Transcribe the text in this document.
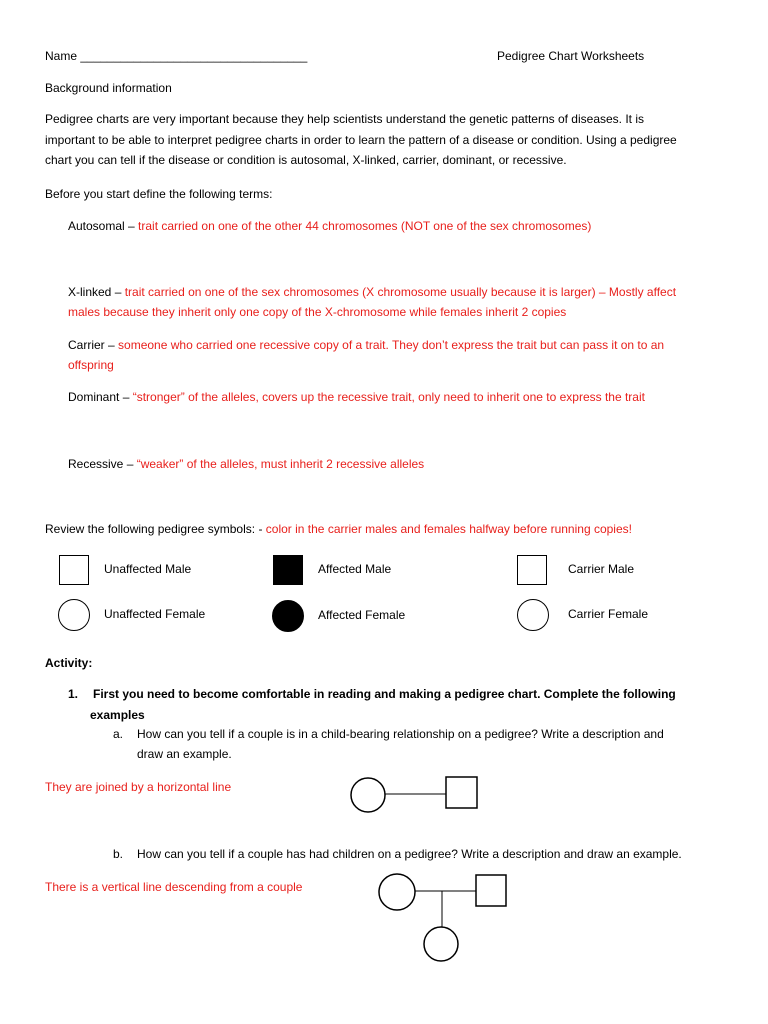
Name __________________________________	Pedigree Chart Worksheets
Background information
Pedigree charts are very important because they help scientists understand the genetic patterns of diseases. It is important to be able to interpret pedigree charts in order to learn the pattern of a disease or condition. Using a pedigree chart you can tell if the disease or condition is autosomal, X-linked, carrier, dominant, or recessive.
Before you start define the following terms:
Autosomal – trait carried on one of the other 44 chromosomes (NOT one of the sex chromosomes)
X-linked – trait carried on one of the sex chromosomes (X chromosome usually because it is larger) – Mostly affect
males because they inherit only one copy of the X-chromosome while females inherit 2 copies
Carrier – someone who carried one recessive copy of a trait. They don’t express the trait but can pass it on to an
offspring
Dominant – “stronger” of the alleles, covers up the recessive trait, only need to inherit one to express the trait
Recessive – “weaker” of the alleles, must inherit 2 recessive alleles
Review the following pedigree symbols: - color in the carrier males and females halfway before running copies!
Unaffected Male	Affected Male	Carrier Male
Unaffected Female	Affected Female	Carrier Female
Activity:
1. First you need to become comfortable in reading and making a pedigree chart. Complete the following
examples
a. How can you tell if a couple is in a child-bearing relationship on a pedigree? Write a description and
draw an example.
They are joined by a horizontal line
b. How can you tell if a couple has had children on a pedigree? Write a description and draw an example.
There is a vertical line descending from a couple
